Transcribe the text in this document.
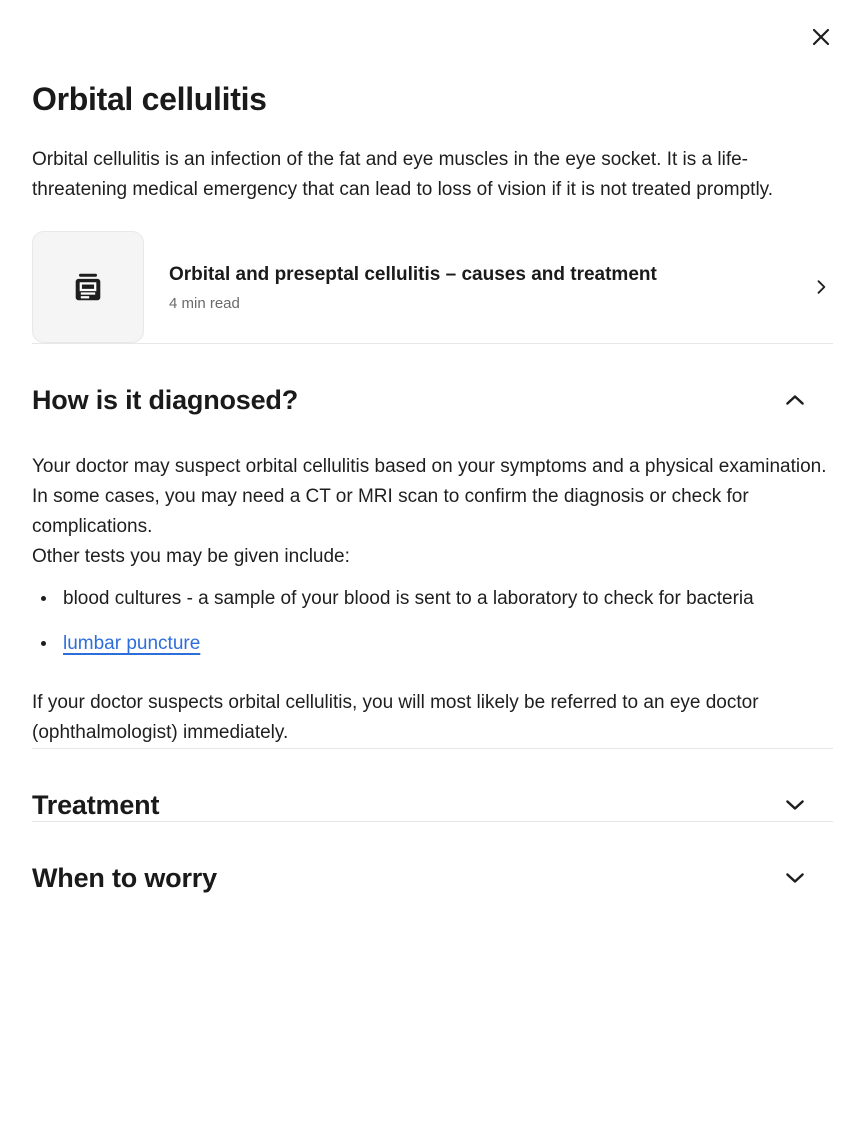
Orbital cellulitis

Orbital cellulitis is an infection of the fat and eye muscles in the eye socket. It is a life-threatening medical emergency that can lead to loss of vision if it is not treated promptly.

Orbital and preseptal cellulitis – causes and treatment
4 min read
How is it diagnosed?

Your doctor may suspect orbital cellulitis based on your symptoms and a physical examination.

In some cases, you may need a CT or MRI scan to confirm the diagnosis or check for complications.

Other tests you may be given include:

• blood cultures - a sample of your blood is sent to a laboratory to check for bacteria
• lumbar puncture

If your doctor suspects orbital cellulitis, you will most likely be referred to an eye doctor (ophthalmologist) immediately.

Treatment
When to worry
